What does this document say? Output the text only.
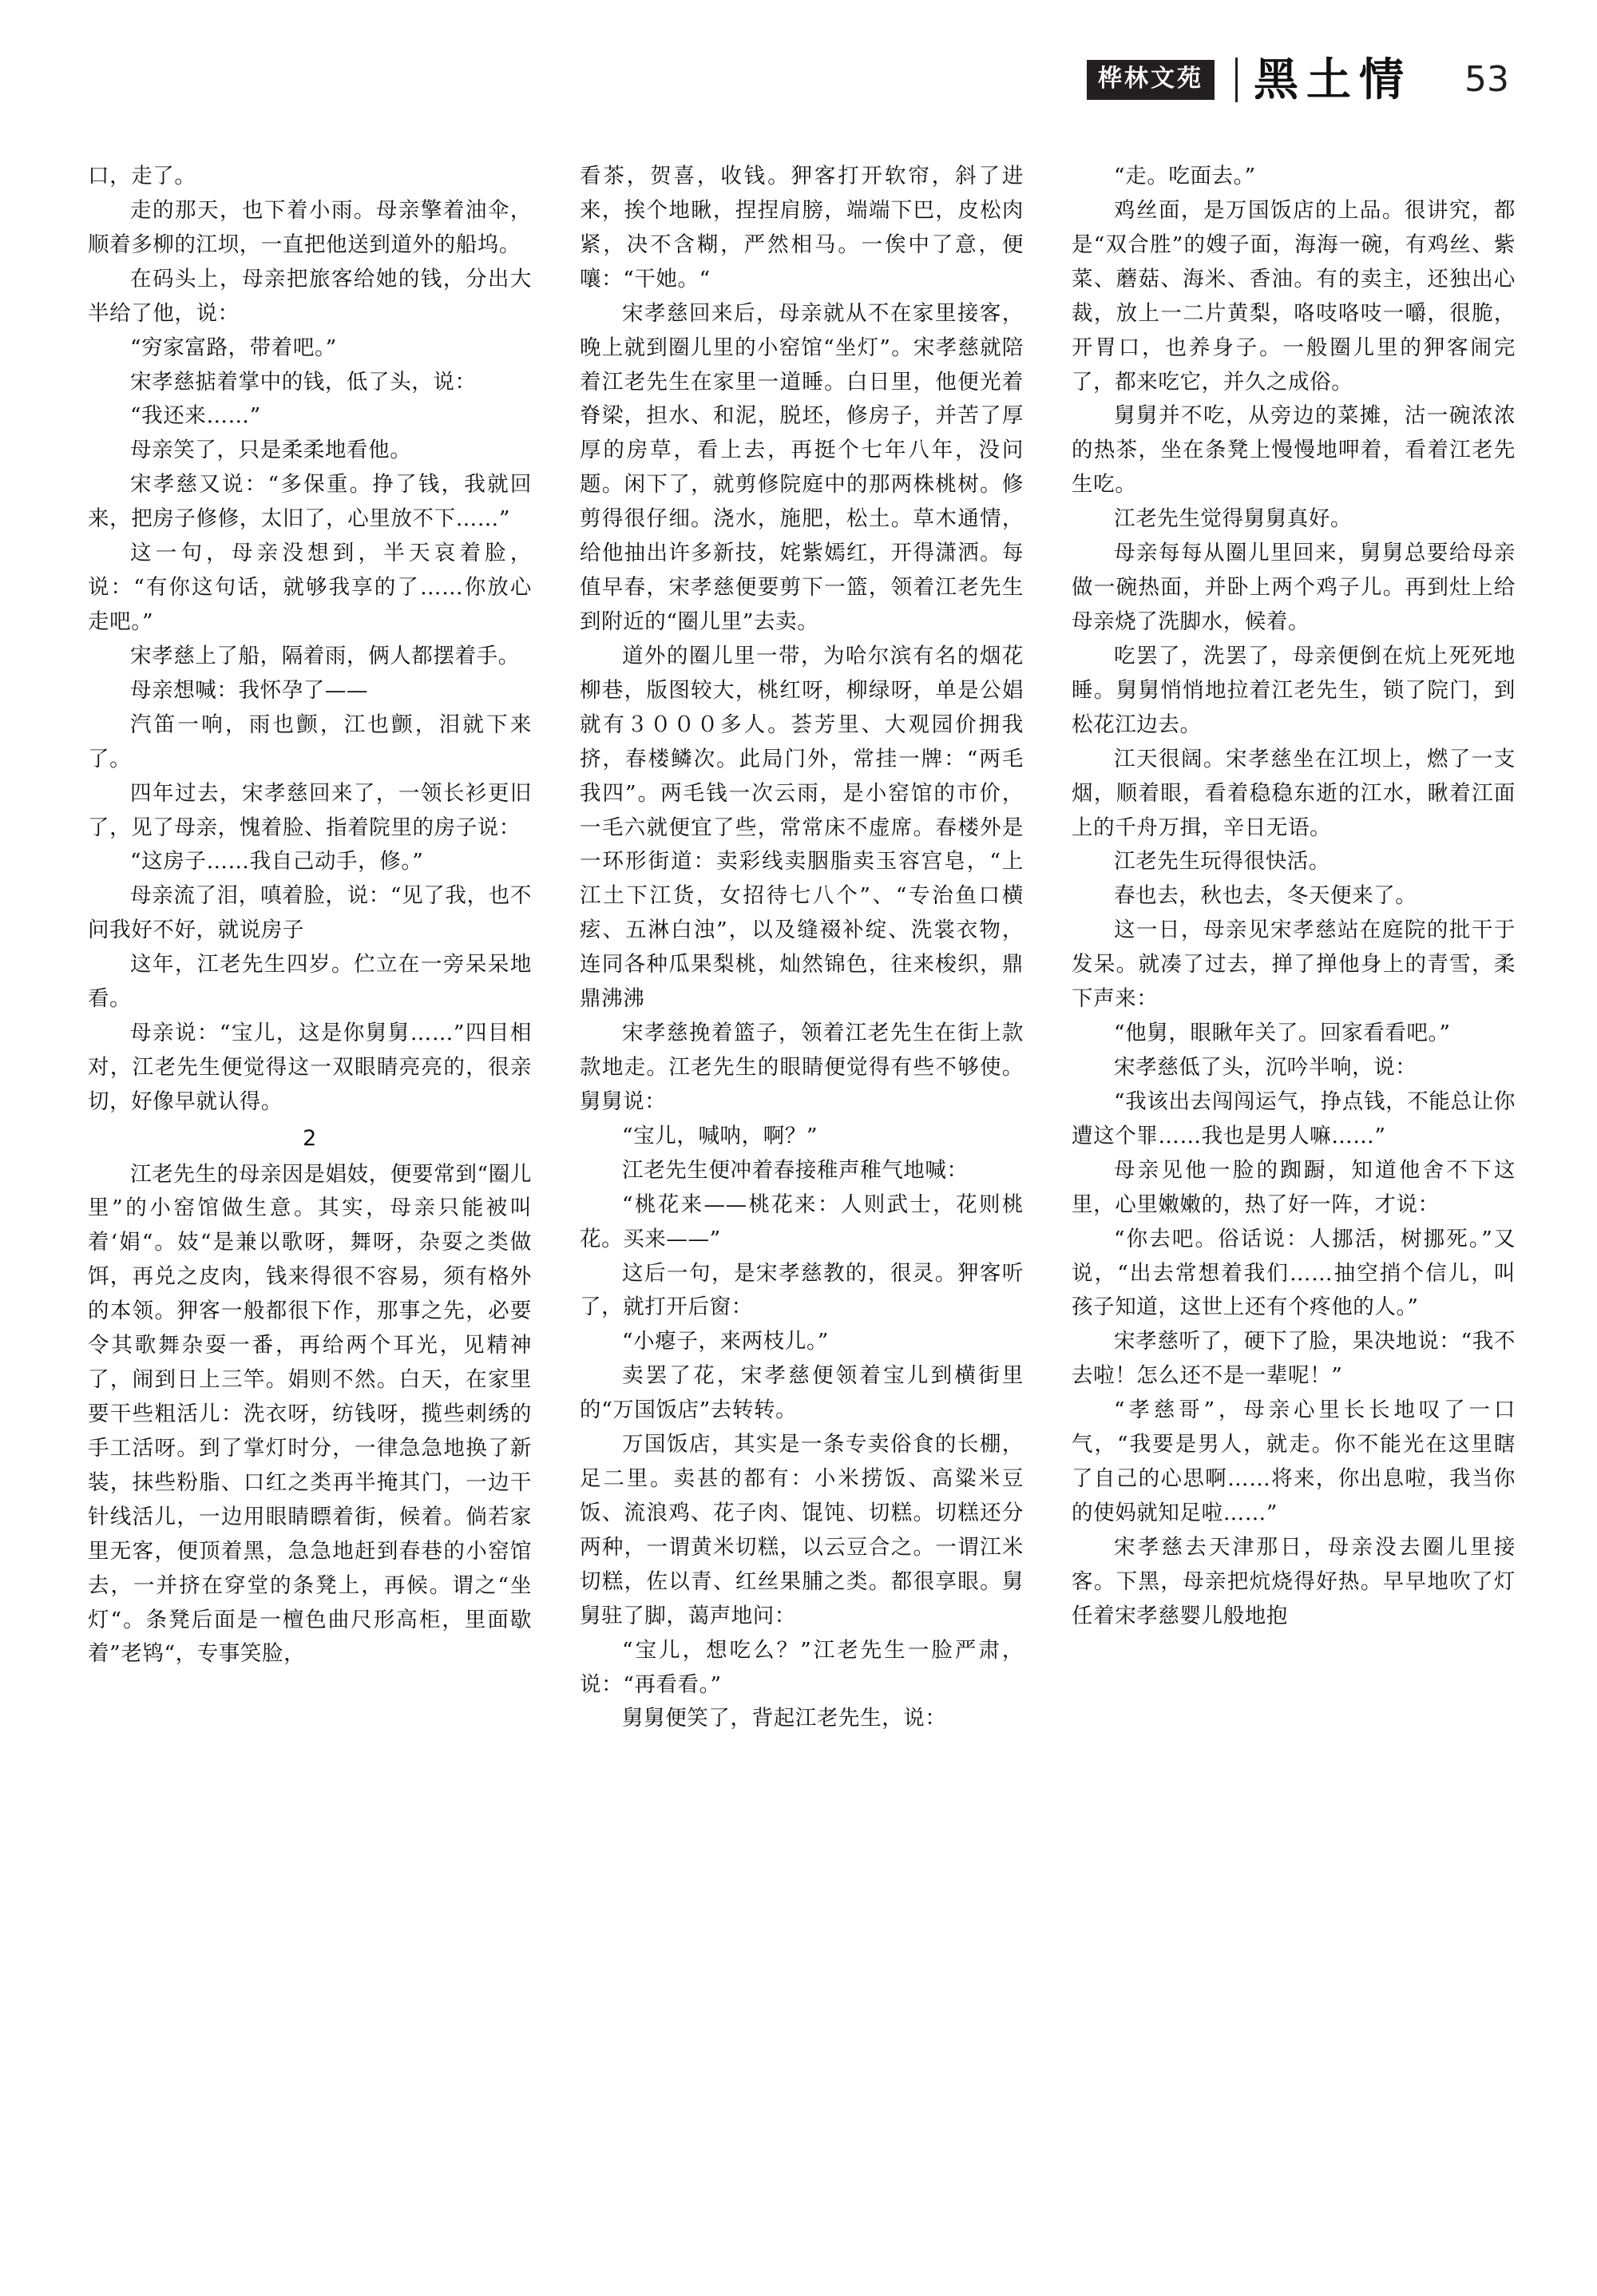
桦林文苑	黑土情	53

口，走了。

走的那天，也下着小雨。母亲擎着油伞，顺着多柳的江坝，一直把他送到道外的船坞。

在码头上，母亲把旅客给她的钱，分出大半给了他，说：

“穷家富路，带着吧。”

宋孝慈掂着掌中的钱，低了头，说：

“我还来……”

母亲笑了，只是柔柔地看他。

宋孝慈又说：“多保重。挣了钱，我就回来，把房子修修，太旧了，心里放不下……”

这一句，母亲没想到，半天哀着脸，说：“有你这句话，就够我享的了……你放心走吧。”

宋孝慈上了船，隔着雨，俩人都摆着手。

母亲想喊：我怀孕了——

汽笛一响，雨也颤，江也颤，泪就下来了。

四年过去，宋孝慈回来了，一领长衫更旧了，见了母亲，愧着脸、指着院里的房子说：

“这房子……我自己动手，修。”

母亲流了泪，嗔着脸，说：“见了我，也不问我好不好，就说房子

这年，江老先生四岁。伫立在一旁呆呆地看。

母亲说：“宝儿，这是你舅舅……”四目相对，江老先生便觉得这一双眼睛亮亮的，很亲切，好像早就认得。

2

江老先生的母亲因是娼妓，便要常到“圈儿里”的小窑馆做生意。其实，母亲只能被叫着‘娟“。妓“是兼以歌呀，舞呀，杂耍之类做饵，再兑之皮肉，钱来得很不容易，须有格外的本领。狎客一般都很下作，那事之先，必要令其歌舞杂耍一番，再给两个耳光，见精神了，闹到日上三竿。娟则不然。白天，在家里要干些粗活儿：洗衣呀，纺钱呀，揽些刺绣的手工活呀。到了掌灯时分，一律急急地换了新装，抹些粉脂、口红之类再半掩其门，一边干针线活儿，一边用眼睛瞟着街，候着。倘若家里无客，便顶着黑，急急地赶到春巷的小窑馆去，一并挤在穿堂的条凳上，再候。谓之“坐灯“。条凳后面是一檀色曲尺形高柜，里面歇着”老鸨“，专事笑脸，

看茶，贺喜，收钱。狎客打开软帘，斜了进来，挨个地瞅，捏捏肩膀，端端下巴，皮松肉紧，决不含糊，严然相马。一俟中了意，便嚷：“干她。“

宋孝慈回来后，母亲就从不在家里接客，晚上就到圈儿里的小窑馆“坐灯”。宋孝慈就陪着江老先生在家里一道睡。白日里，他便光着脊梁，担水、和泥，脱坯，修房子，并苦了厚厚的房草，看上去，再挺个七年八年，没问题。闲下了，就剪修院庭中的那两株桃树。修剪得很仔细。浇水，施肥，松土。草木通情，给他抽出许多新技，姹紫嫣红，开得潇洒。每值早春，宋孝慈便要剪下一篮，领着江老先生到附近的“圈儿里”去卖。

道外的圈儿里一带，为哈尔滨有名的烟花柳巷，版图较大，桃红呀，柳绿呀，单是公娼就有３０００多人。荟芳里、大观园价拥我挤，春楼鳞次。此局门外，常挂一牌：“两毛我四”。两毛钱一次云雨，是小窑馆的市价，一毛六就便宜了些，常常床不虚席。春楼外是一环形街道：卖彩线卖胭脂卖玉容宫皂，“上江土下江货，女招待七八个”、“专治鱼口横痃、五淋白浊”，以及缝裰补绽、洗裳衣物，连同各种瓜果梨桃，灿然锦色，往来梭织，鼎鼎沸沸

宋孝慈挽着篮子，领着江老先生在街上款款地走。江老先生的眼睛便觉得有些不够使。舅舅说：

“宝儿，喊呐，啊？”

江老先生便冲着春接稚声稚气地喊：

“桃花来——桃花来：人则武士，花则桃花。买来——”

这后一句，是宋孝慈教的，很灵。狎客听了，就打开后窗：

“小瘪子，来两枝儿。”

卖罢了花，宋孝慈便领着宝儿到横街里的“万国饭店”去转转。

万国饭店，其实是一条专卖俗食的长棚，足二里。卖甚的都有：小米捞饭、高粱米豆饭、流浪鸡、花子肉、馄饨、切糕。切糕还分两种，一谓黄米切糕，以云豆合之。一谓江米切糕，佐以青、红丝果脯之类。都很享眼。舅舅驻了脚，蔼声地问：

“宝儿，想吃么？”江老先生一脸严肃，说：“再看看。”

舅舅便笑了，背起江老先生，说：

“走。吃面去。”

鸡丝面，是万国饭店的上品。很讲究，都是“双合胜”的嫂子面，海海一碗，有鸡丝、紫菜、蘑菇、海米、香油。有的卖主，还独出心裁，放上一二片黄梨，咯吱咯吱一嚼，很脆，开胃口，也养身子。一般圈儿里的狎客闹完了，都来吃它，并久之成俗。

舅舅并不吃，从旁边的菜摊，沽一碗浓浓的热茶，坐在条凳上慢慢地呷着，看着江老先生吃。

江老先生觉得舅舅真好。

母亲每每从圈儿里回来，舅舅总要给母亲做一碗热面，并卧上两个鸡子儿。再到灶上给母亲烧了洗脚水，候着。

吃罢了，洗罢了，母亲便倒在炕上死死地睡。舅舅悄悄地拉着江老先生，锁了院门，到松花江边去。

江天很阔。宋孝慈坐在江坝上，燃了一支烟，顺着眼，看着稳稳东逝的江水，瞅着江面上的千舟万揖，辛日无语。

江老先生玩得很快活。

春也去，秋也去，冬天便来了。

这一日，母亲见宋孝慈站在庭院的批干于发呆。就凑了过去，掸了掸他身上的青雪，柔下声来：

“他舅，眼瞅年关了。回家看看吧。”

宋孝慈低了头，沉吟半响，说：

“我该出去闯闯运气，挣点钱，不能总让你遭这个罪……我也是男人嘛……”

母亲见他一脸的踟蹰，知道他舍不下这里，心里嫩嫩的，热了好一阵，才说：

“你去吧。俗话说：人挪活，树挪死。”又说，“出去常想着我们……抽空捎个信儿，叫孩子知道，这世上还有个疼他的人。”

宋孝慈听了，硬下了脸，果决地说：“我不去啦！怎么还不是一辈呢！”

“孝慈哥”，母亲心里长长地叹了一口气，“我要是男人，就走。你不能光在这里瞎了自己的心思啊……将来，你出息啦，我当你的使妈就知足啦……”

宋孝慈去天津那日，母亲没去圈儿里接客。下黑，母亲把炕烧得好热。早早地吹了灯任着宋孝慈婴儿般地抱
